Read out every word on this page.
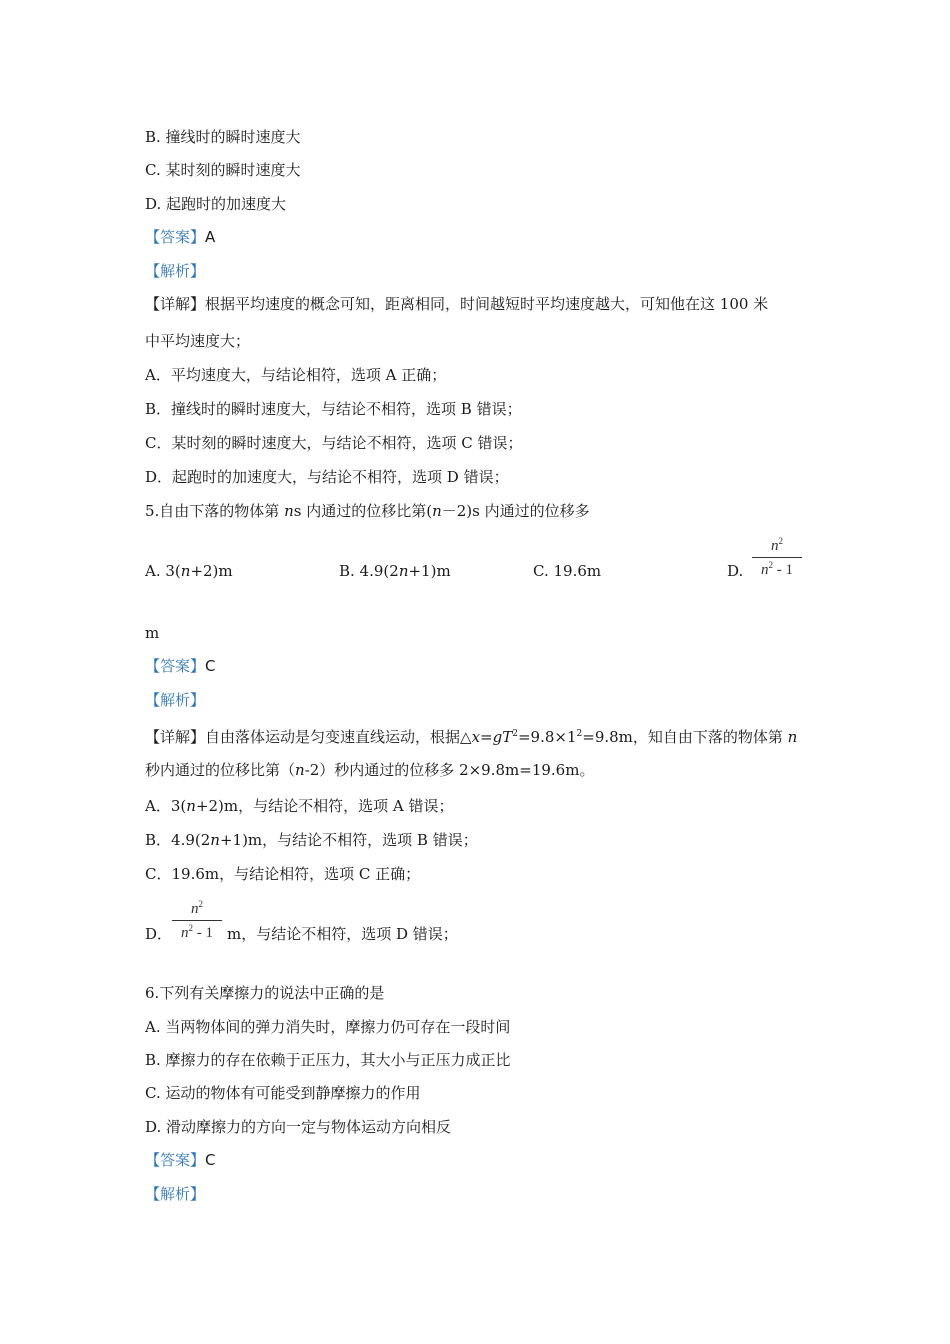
B. 撞线时的瞬时速度大
C. 某时刻的瞬时速度大
D. 起跑时的加速度大
【答案】A
【解析】
【详解】根据平均速度的概念可知，距离相同，时间越短时平均速度越大，可知他在这 100 米
中平均速度大；
A．平均速度大，与结论相符，选项 A 正确；
B．撞线时的瞬时速度大，与结论不相符，选项 B 错误；
C．某时刻的瞬时速度大，与结论不相符，选项 C 错误；
D．起跑时的加速度大，与结论不相符，选项 D 错误；
5.自由下落的物体第 ns 内通过的位移比第(n－2)s 内通过的位移多
A. 3(n+2)m	B. 4.9(2n+1)m	C. 19.6m	D.
$n^2$
$n^2 - 1$
m
【答案】C
【解析】
【详解】自由落体运动是匀变速直线运动，根据$\triangle x=gT^2=9.8\times 1^2=9.8m$，知自由下落的物体第 n
秒内通过的位移比第（n-2）秒内通过的位移多 2×9.8m=19.6m。
A．3(n+2)m，与结论不相符，选项 A 错误；
B．4.9(2n+1)m，与结论不相符，选项 B 错误；
C．19.6m，与结论相符，选项 C 正确；
D．
$n^2$
$n^2 - 1$ m，与结论不相符，选项 D 错误；
6.下列有关摩擦力的说法中正确的是
A. 当两物体间的弹力消失时，摩擦力仍可存在一段时间
B. 摩擦力的存在依赖于正压力，其大小与正压力成正比
C. 运动的物体有可能受到静摩擦力的作用
D. 滑动摩擦力的方向一定与物体运动方向相反
【答案】C
【解析】
